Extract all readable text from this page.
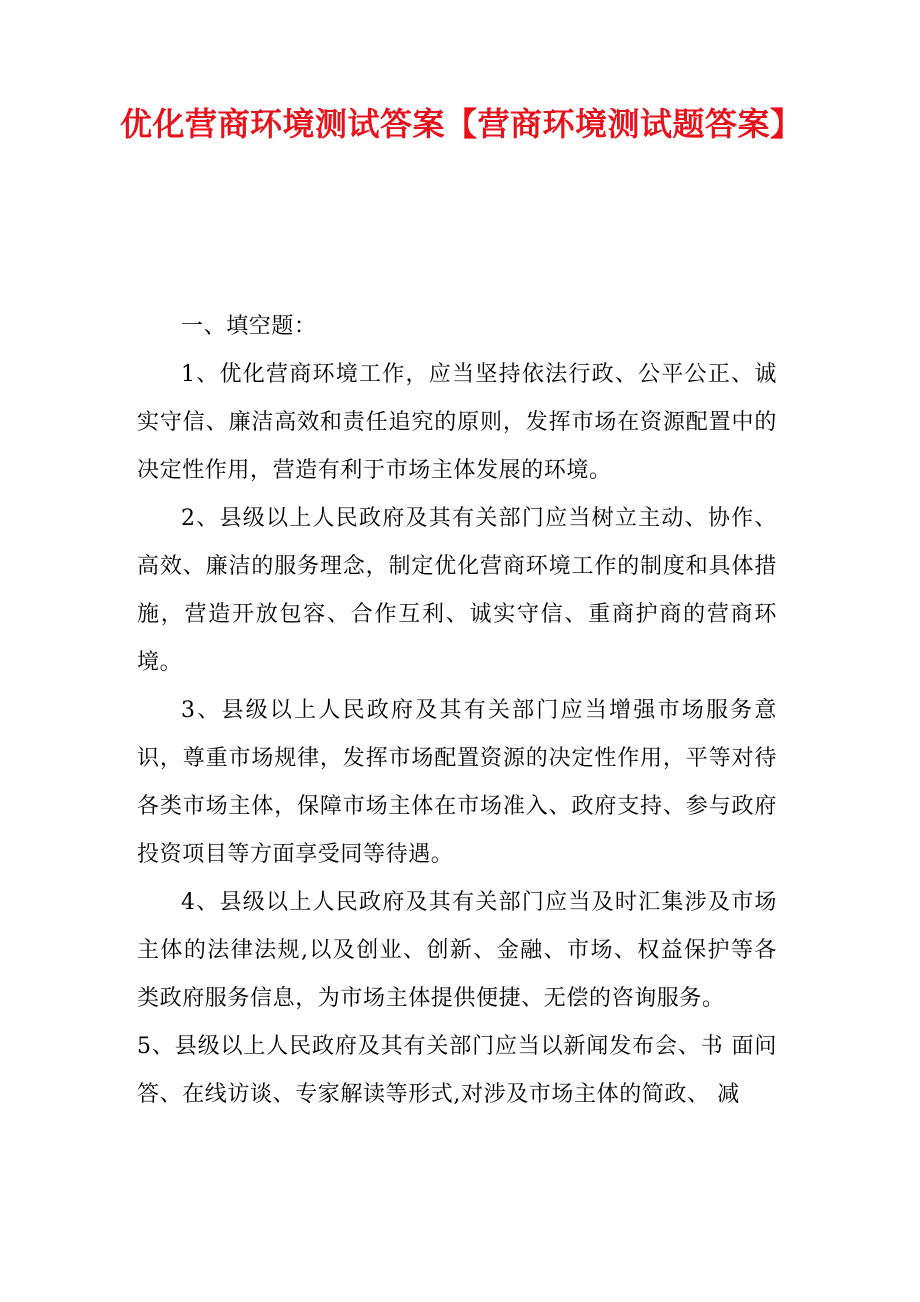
优化营商环境测试答案【营商环境测试题答案】

一、填空题：

1、优化营商环境工作，应当坚持依法行政、公平公正、诚实守信、廉洁高效和责任追究的原则，发挥市场在资源配置中的决定性作用，营造有利于市场主体发展的环境。

2、县级以上人民政府及其有关部门应当树立主动、协作、高效、廉洁的服务理念，制定优化营商环境工作的制度和具体措施，营造开放包容、合作互利、诚实守信、重商护商的营商环境。

3、县级以上人民政府及其有关部门应当增强市场服务意识，尊重市场规律，发挥市场配置资源的决定性作用，平等对待各类市场主体，保障市场主体在市场准入、政府支持、参与政府投资项目等方面享受同等待遇。

4、县级以上人民政府及其有关部门应当及时汇集涉及市场主体的法律法规,以及创业、创新、金融、市场、权益保护等各类政府服务信息，为市场主体提供便捷、无偿的咨询服务。

5、县级以上人民政府及其有关部门应当以新闻发布会、书 面问答、在线访谈、专家解读等形式,对涉及市场主体的简政、 减
